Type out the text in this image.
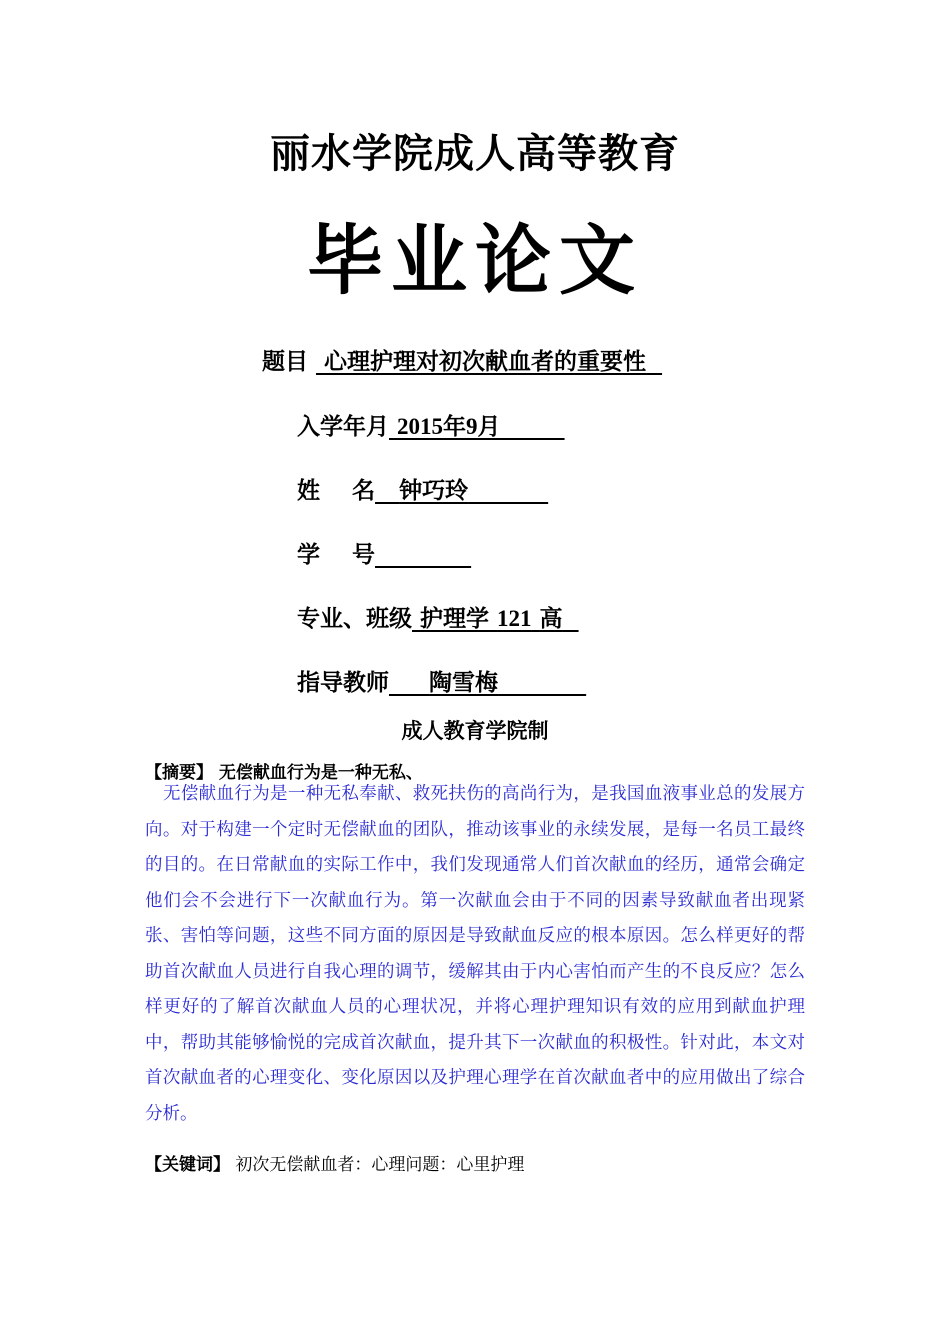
丽水学院成人高等教育
毕业论文
题目 心理护理对初次献血者的重要性
入学年月 2015年9月
姓    名 钟巧玲
学    号
专业、班级 护理学 121 高
指导教师 陶雪梅
成人教育学院制
【摘要】 无偿献血行为是一种无私、
无偿献血行为是一种无私奉献、救死扶伤的高尚行为，是我国血液事业总的发展方向。对于构建一个定时无偿献血的团队，推动该事业的永续发展，是每一名员工最终的目的。在日常献血的实际工作中，我们发现通常人们首次献血的经历，通常会确定他们会不会进行下一次献血行为。第一次献血会由于不同的因素导致献血者出现紧张、害怕等问题，这些不同方面的原因是导致献血反应的根本原因。怎么样更好的帮助首次献血人员进行自我心理的调节，缓解其由于内心害怕而产生的不良反应？怎么样更好的了解首次献血人员的心理状况，并将心理护理知识有效的应用到献血护理中，帮助其能够愉悦的完成首次献血，提升其下一次献血的积极性。针对此，本文对首次献血者的心理变化、变化原因以及护理心理学在首次献血者中的应用做出了综合分析。
【关键词】 初次无偿献血者：心理问题：心里护理
